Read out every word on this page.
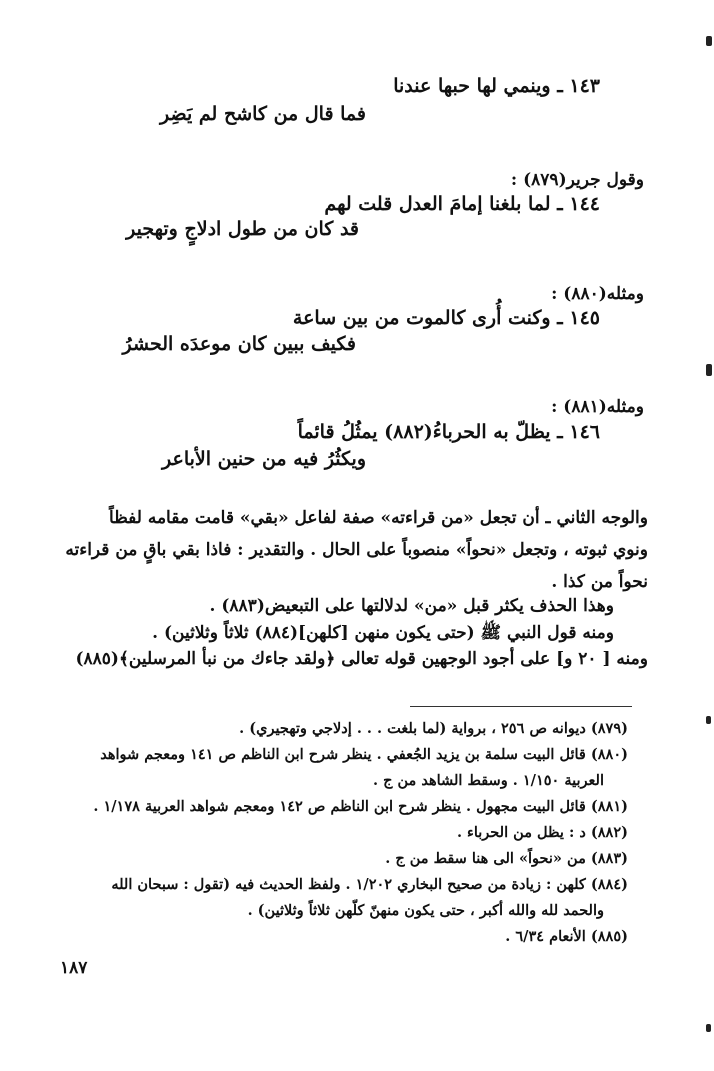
١٤٣ ـ وينمي لها حبها عندنا
فما قال من كاشح لم يَضِر
وقول جرير(٨٧٩) :
١٤٤ ـ لما بلغنا إمامَ العدل قلت لهم
قد كان من طول ادلاجٍ وتهجير
ومثله(٨٨٠) :
١٤٥ ـ وكنت أُرى كالموت من بين ساعة
فكيف ببين كان موعدَه الحشرُ
ومثله(٨٨١) :
١٤٦ ـ يظلّ به الحرباءُ(٨٨٢) يمثُلُ قائماً
ويكثُرُ فيه من حنين الأباعر
والوجه الثاني ـ أن تجعل «من قراءته» صفة لفاعل «بقي» قامت مقامه لفظاً
ونوي ثبوته ، وتجعل «نحواً» منصوباً على الحال . والتقدير : فاذا بقي باقٍ من قراءته
نحواً من كذا .
وهذا الحذف يكثر قبل «من» لدلالتها على التبعيض(٨٨٣) .
ومنه قول النبي ﷺ (حتى يكون منهن [كلهن](٨٨٤) ثلاثاً وثلاثين) .
ومنه [ ٢٠ و] على أجود الوجهين قوله تعالى ﴿ولقد جاءك من نبأ المرسلين﴾(٨٨٥)
(٨٧٩) ديوانه ص ٢٥٦ ، برواية (لما بلغت . . . إدلاجي وتهجيري) .
(٨٨٠) قائل البيت سلمة بن يزيد الجُعفي . ينظر شرح ابن الناظم ص ١٤١ ومعجم شواهد
العربية ١/١٥٠ . وسقط الشاهد من ج .
(٨٨١) قائل البيت مجهول . ينظر شرح ابن الناظم ص ١٤٢ ومعجم شواهد العربية ١/١٧٨ .
(٨٨٢) د : يظل من الحرباء .
(٨٨٣) من «نحواً» الى هنا سقط من ج .
(٨٨٤) كلهن : زيادة من صحيح البخاري ١/٢٠٢ . ولفظ الحديث فيه (تقول : سبحان الله
والحمد لله والله أكبر ، حتى يكون منهنّ كلّهن ثلاثاً وثلاثين) .
(٨٨٥) الأنعام ٦/٣٤ .
١٨٧
